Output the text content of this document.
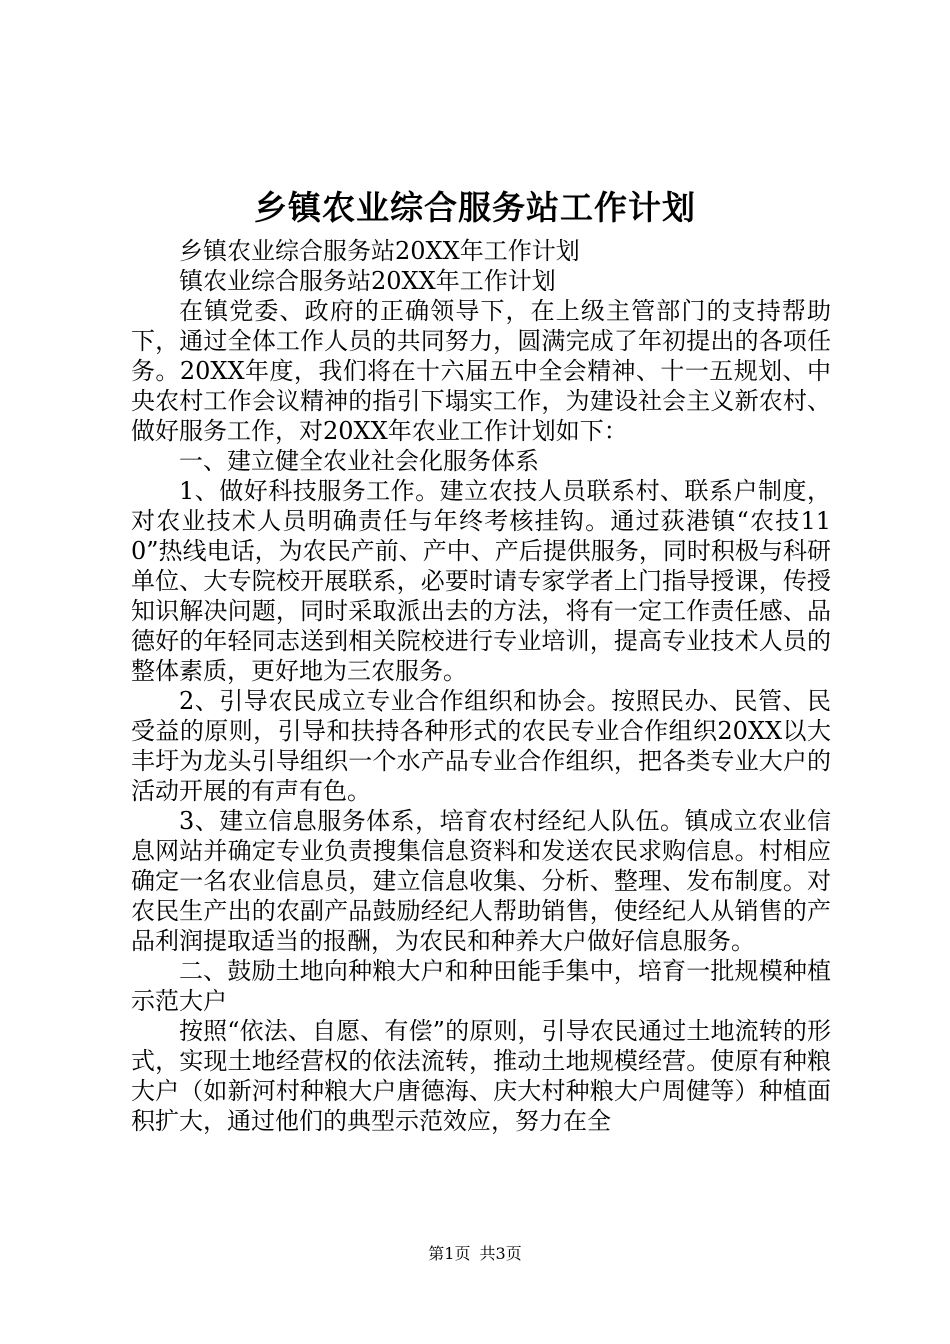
乡镇农业综合服务站工作计划

乡镇农业综合服务站20XX年工作计划

镇农业综合服务站20XX年工作计划

在镇党委、政府的正确领导下，在上级主管部门的支持帮助下，通过全体工作人员的共同努力，圆满完成了年初提出的各项任务。20XX年度，我们将在十六届五中全会精神、十一五规划、中央农村工作会议精神的指引下塌实工作，为建设社会主义新农村、做好服务工作，对20XX年农业工作计划如下：

一、建立健全农业社会化服务体系

1、做好科技服务工作。建立农技人员联系村、联系户制度，对农业技术人员明确责任与年终考核挂钩。通过荻港镇“农技110”热线电话，为农民产前、产中、产后提供服务，同时积极与科研单位、大专院校开展联系，必要时请专家学者上门指导授课，传授知识解决问题，同时采取派出去的方法，将有一定工作责任感、品德好的年轻同志送到相关院校进行专业培训，提高专业技术人员的整体素质，更好地为三农服务。

2、引导农民成立专业合作组织和协会。按照民办、民管、民受益的原则，引导和扶持各种形式的农民专业合作组织20XX以大丰圩为龙头引导组织一个水产品专业合作组织，把各类专业大户的活动开展的有声有色。

3、建立信息服务体系，培育农村经纪人队伍。镇成立农业信息网站并确定专业负责搜集信息资料和发送农民求购信息。村相应确定一名农业信息员，建立信息收集、分析、整理、发布制度。对农民生产出的农副产品鼓励经纪人帮助销售，使经纪人从销售的产品利润提取适当的报酬，为农民和种养大户做好信息服务。

二、鼓励土地向种粮大户和种田能手集中，培育一批规模种植示范大户

按照“依法、自愿、有偿”的原则，引导农民通过土地流转的形式，实现土地经营权的依法流转，推动土地规模经营。使原有种粮大户（如新河村种粮大户唐德海、庆大村种粮大户周健等）种植面积扩大，通过他们的典型示范效应，努力在全

第1页 共3页
